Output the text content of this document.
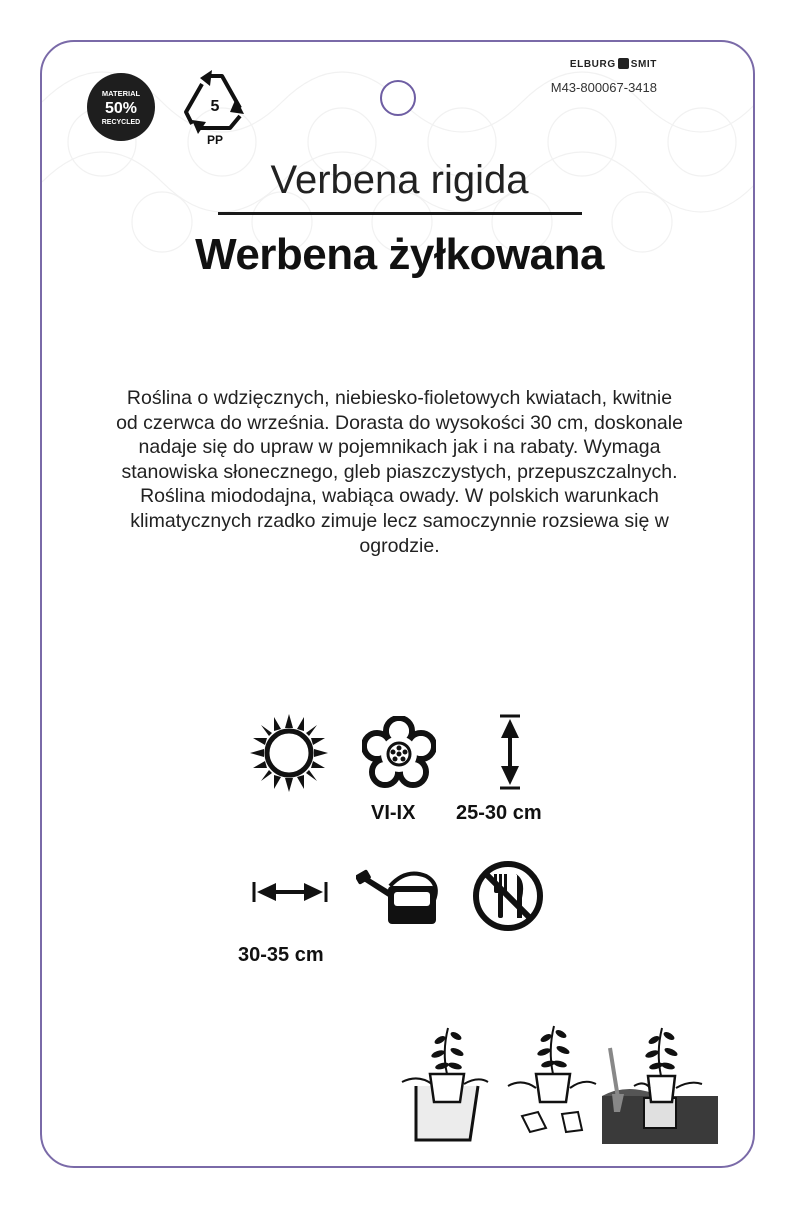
MATERIAL
50%
RECYCLED
5
PP
ELBURG SMIT
M43-800067-3418
Verbena rigida
Werbena żyłkowana
Roślina o wdzięcznych, niebiesko-fioletowych kwiatach, kwitnie
od czerwca do września. Dorasta do wysokości 30 cm, doskonale
nadaje się do upraw w pojemnikach jak i na rabaty. Wymaga
stanowiska słonecznego, gleb piaszczystych, przepuszczalnych.
Roślina miododajna, wabiąca owady. W polskich warunkach
klimatycznych rzadko zimuje lecz samoczynnie rozsiewa się w
ogrodzie.
VI-IX 25-30 cm
30-35 cm
